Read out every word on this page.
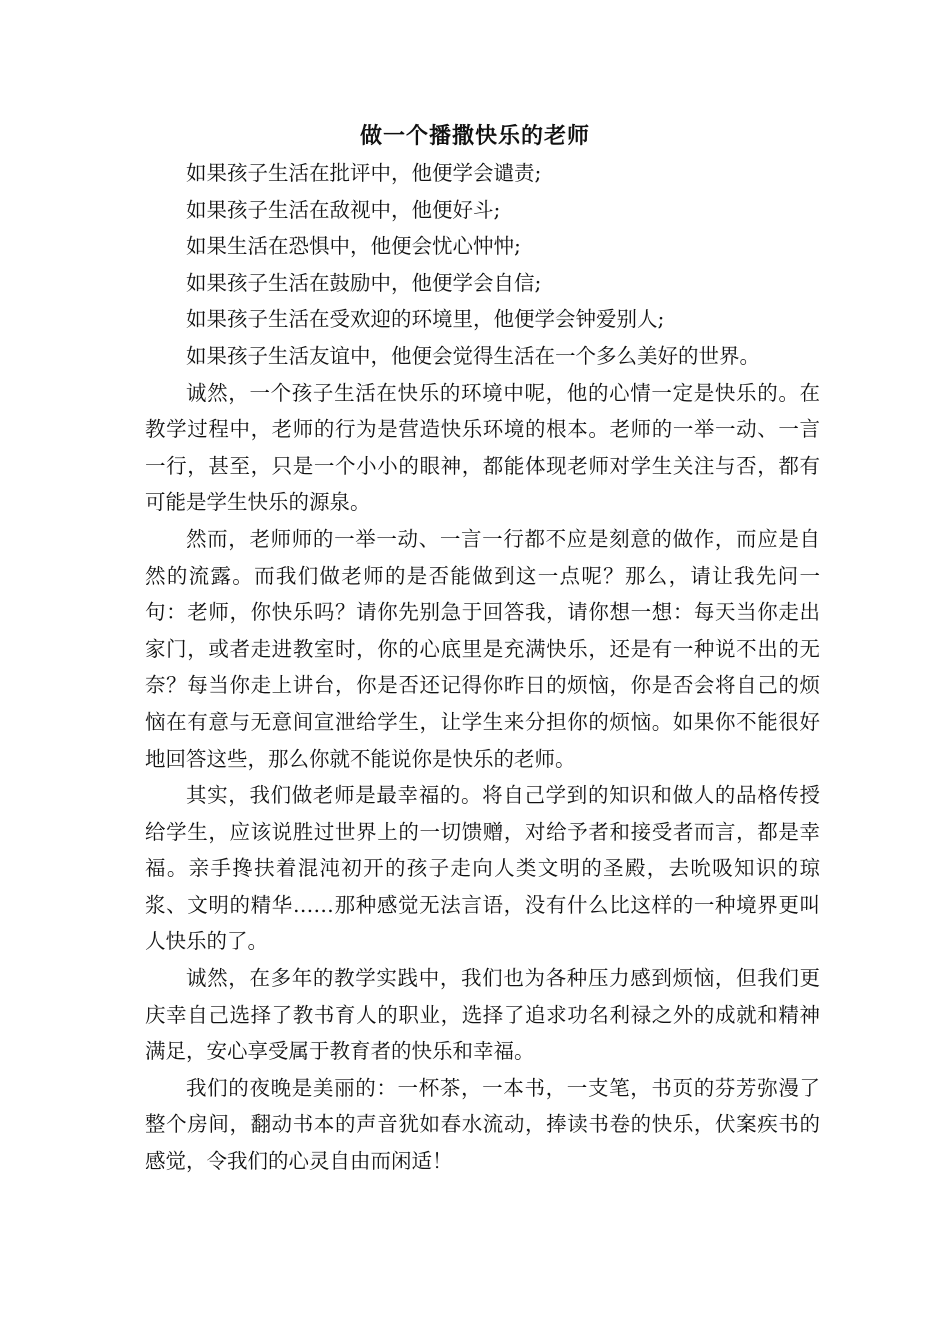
做一个播撒快乐的老师

如果孩子生活在批评中，他便学会谴责;

如果孩子生活在敌视中，他便好斗;

如果生活在恐惧中，他便会忧心忡忡;

如果孩子生活在鼓励中，他便学会自信;

如果孩子生活在受欢迎的环境里，他便学会钟爱别人;

如果孩子生活友谊中，他便会觉得生活在一个多么美好的世界。

诚然，一个孩子生活在快乐的环境中呢，他的心情一定是快乐的。在教学过程中，老师的行为是营造快乐环境的根本。老师的一举一动、一言一行，甚至，只是一个小小的眼神，都能体现老师对学生关注与否，都有可能是学生快乐的源泉。

然而，老师师的一举一动、一言一行都不应是刻意的做作，而应是自然的流露。而我们做老师的是否能做到这一点呢？那么，请让我先问一句：老师，你快乐吗？请你先别急于回答我，请你想一想：每天当你走出家门，或者走进教室时，你的心底里是充满快乐，还是有一种说不出的无奈？每当你走上讲台，你是否还记得你昨日的烦恼，你是否会将自己的烦恼在有意与无意间宣泄给学生，让学生来分担你的烦恼。如果你不能很好地回答这些，那么你就不能说你是快乐的老师。

其实，我们做老师是最幸福的。将自己学到的知识和做人的品格传授给学生，应该说胜过世界上的一切馈赠，对给予者和接受者而言，都是幸福。亲手搀扶着混沌初开的孩子走向人类文明的圣殿，去吮吸知识的琼浆、文明的精华……那种感觉无法言语，没有什么比这样的一种境界更叫人快乐的了。

诚然，在多年的教学实践中，我们也为各种压力感到烦恼，但我们更庆幸自己选择了教书育人的职业，选择了追求功名利禄之外的成就和精神满足，安心享受属于教育者的快乐和幸福。

我们的夜晚是美丽的：一杯茶，一本书，一支笔，书页的芬芳弥漫了整个房间，翻动书本的声音犹如春水流动，捧读书卷的快乐，伏案疾书的感觉，令我们的心灵自由而闲适！
